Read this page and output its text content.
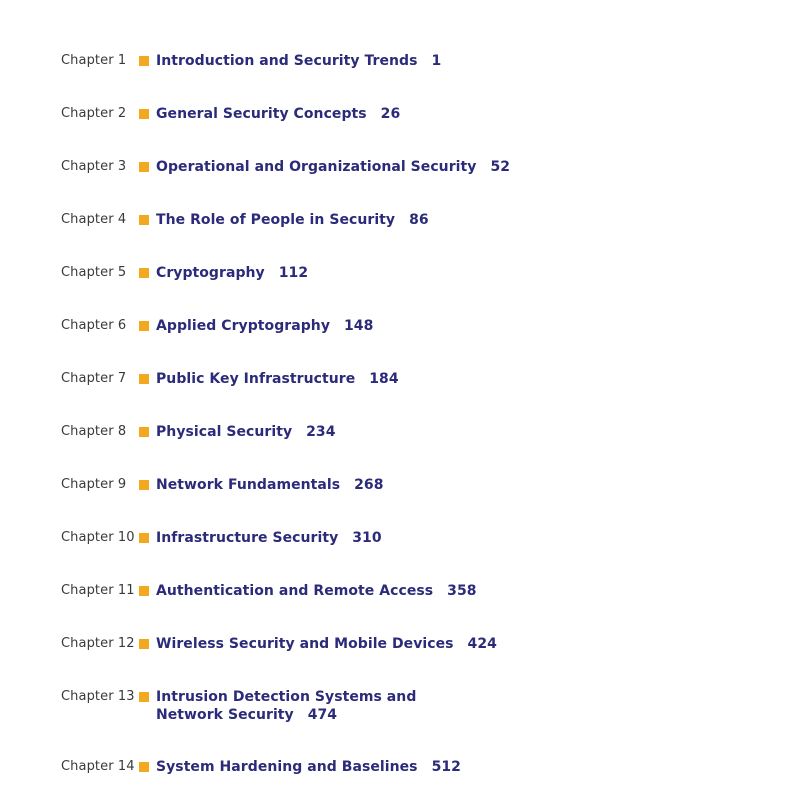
Chapter 1	Introduction and Security Trends 1
Chapter 2	General Security Concepts 26
Chapter 3	Operational and Organizational Security 52
Chapter 4	The Role of People in Security 86
Chapter 5	Cryptography 112
Chapter 6	Applied Cryptography 148
Chapter 7	Public Key Infrastructure 184
Chapter 8	Physical Security 234
Chapter 9	Network Fundamentals 268
Chapter 10	Infrastructure Security 310
Chapter 11	Authentication and Remote Access 358
Chapter 12	Wireless Security and Mobile Devices 424
Chapter 13	Intrusion Detection Systems and Network Security 474
Chapter 14	System Hardening and Baselines 512
